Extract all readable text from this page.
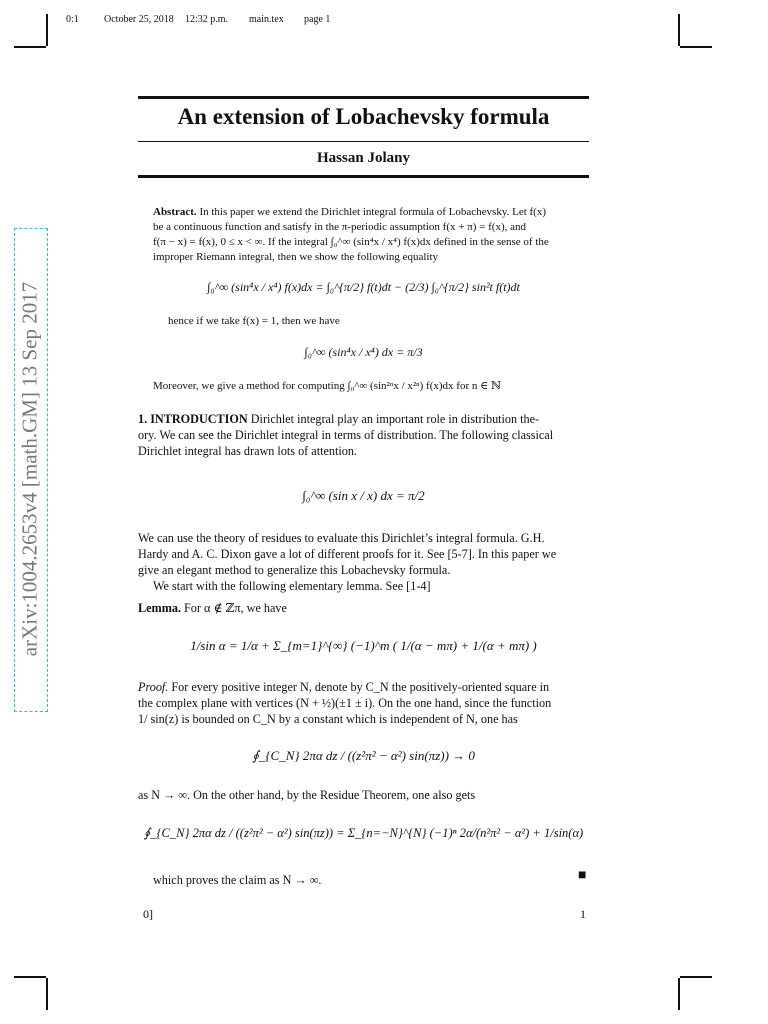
0:1	October 25, 2018 12:32 p.m. main.tex page 1
arXiv:1004.2653v4 [math.GM] 13 Sep 2017
An extension of Lobachevsky formula
Hassan Jolany
Abstract. In this paper we extend the Dirichlet integral formula of Lobachevsky. Let f(x)
be a continuous function and satisfy in the π-periodic assumption f(x + π) = f(x), and
f(π − x) = f(x), 0 ≤ x < ∞. If the integral ∫₀^∞ (sin⁴x / x⁴) f(x)dx defined in the sense of the
improper Riemann integral, then we show the following equality
∫₀^∞ (sin⁴x / x⁴) f(x)dx = ∫₀^{π/2} f(t)dt − (2/3) ∫₀^{π/2} sin²t f(t)dt
hence if we take f(x) = 1, then we have
∫₀^∞ (sin⁴x / x⁴) dx = π/3
Moreover, we give a method for computing ∫₀^∞ (sin²ⁿx / x²ⁿ) f(x)dx for n ∈ ℕ
1. INTRODUCTION Dirichlet integral play an important role in distribution the-
ory. We can see the Dirichlet integral in terms of distribution. The following classical
Dirichlet integral has drawn lots of attention.
∫₀^∞ (sin x / x) dx = π/2
We can use the theory of residues to evaluate this Dirichlet’s integral formula. G.H.
Hardy and A. C. Dixon gave a lot of different proofs for it. See [5-7]. In this paper we
give an elegant method to generalize this Lobachevsky formula.
We start with the following elementary lemma. See [1-4]
Lemma. For α ∉ ℤπ, we have
1/sin α = 1/α + Σ_{m=1}^{∞} (−1)^m ( 1/(α − mπ) + 1/(α + mπ) )
Proof. For every positive integer N, denote by C_N the positively-oriented square in
the complex plane with vertices (N + ½)(±1 ± i). On the one hand, since the function
1/ sin(z) is bounded on C_N by a constant which is independent of N, one has
∮_{C_N} 2πα dz / ((z²π² − α²) sin(πz)) → 0
as N → ∞. On the other hand, by the Residue Theorem, one also gets
∮_{C_N} 2πα dz / ((z²π² − α²) sin(πz)) = Σ_{n=−N}^{N} (−1)ⁿ 2α/(n²π² − α²) + 1/sin(α)
which proves the claim as N → ∞.	■
0]	1
